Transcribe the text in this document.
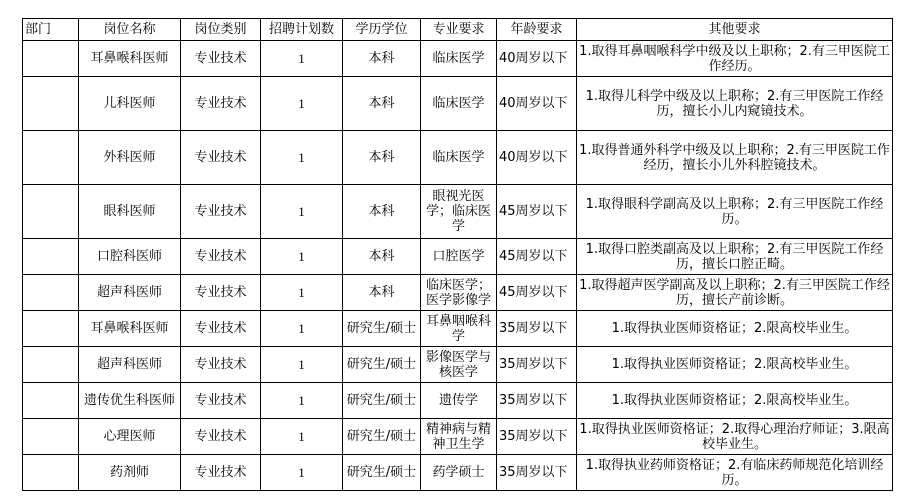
部门	岗位名称	岗位类别	招聘计划数	学历学位	专业要求	年龄要求	其他要求
	耳鼻喉科医师	专业技术	1	本科	临床医学	40周岁以下	1.取得耳鼻咽喉科学中级及以上职称；2.有三甲医院工作经历。
	儿科医师	专业技术	1	本科	临床医学	40周岁以下	1.取得儿科学中级及以上职称；2.有三甲医院工作经历，擅长小儿内窥镜技术。
	外科医师	专业技术	1	本科	临床医学	40周岁以下	1.取得普通外科学中级及以上职称；2.有三甲医院工作经历，擅长小儿外科腔镜技术。
	眼科医师	专业技术	1	本科	眼视光医学；临床医学	45周岁以下	1.取得眼科学副高及以上职称；2.有三甲医院工作经历。
	口腔科医师	专业技术	1	本科	口腔医学	45周岁以下	1.取得口腔类副高及以上职称；2.有三甲医院工作经历，擅长口腔正畸。
	超声科医师	专业技术	1	本科	临床医学；医学影像学	45周岁以下	1.取得超声医学副高及以上职称；2.有三甲医院工作经历，擅长产前诊断。
	耳鼻喉科医师	专业技术	1	研究生/硕士	耳鼻咽喉科学	35周岁以下	1.取得执业医师资格证；2.限高校毕业生。
	超声科医师	专业技术	1	研究生/硕士	影像医学与核医学	35周岁以下	1.取得执业医师资格证；2.限高校毕业生。
	遗传优生科医师	专业技术	1	研究生/硕士	遗传学	35周岁以下	1.取得执业医师资格证；2.限高校毕业生。
	心理医师	专业技术	1	研究生/硕士	精神病与精神卫生学	35周岁以下	1.取得执业医师资格证；2.取得心理治疗师证；3.限高校毕业生。
	药剂师	专业技术	1	研究生/硕士	药学硕士	35周岁以下	1.取得执业药师资格证；2.有临床药师规范化培训经历。
